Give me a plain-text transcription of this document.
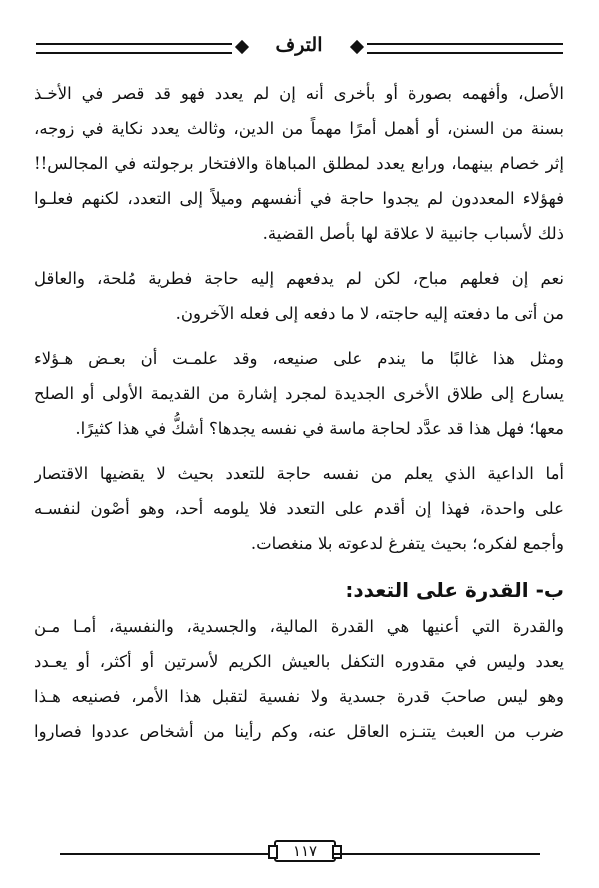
الترف
الأصل، وأفهمه بصورة أو بأخرى أنه إن لم يعدد فهو قد قصر في الأخـذ
بسنة من السنن، أو أهمل أمرًا مهماً من الدين، وثالث يعدد نكاية في زوجه،
إثر خصام بينهما، ورابع يعدد لمطلق المباهاة والافتخار برجولته في المجالس!!
فهؤلاء المعددون لم يجدوا حاجة في أنفسهم وميلاً إلى التعدد، لكنهم فعلـوا
ذلك لأسباب جانبية لا علاقة لها بأصل القضية.
نعم إن فعلهم مباح، لكن لم يدفعهم إليه حاجة فطرية مُلحة، والعاقل
من أتى ما دفعته إليه حاجته، لا ما دفعه إلى فعله الآخرون.
ومثل هذا غالبًا ما يندم على صنيعه، وقد علمـت أن بعـض هـؤلاء
يسارع إلى طلاق الأخرى الجديدة لمجرد إشارة من القديمة الأولى أو الصلح
معها؛ فهل هذا قد عدَّد لحاجة ماسة في نفسه يجدها؟ أشكُّ في هذا كثيرًا.
أما الداعية الذي يعلم من نفسه حاجة للتعدد بحيث لا يقضيها الاقتصار
على واحدة، فهذا إن أقدم على التعدد فلا يلومه أحد، وهو أصْون لنفسـه
وأجمع لفكره؛ بحيث يتفرغ لدعوته بلا منغصات.
ب- القدرة على التعدد:
والقدرة التي أعنيها هي القدرة المالية، والجسدية، والنفسية، أمـا مـن
يعدد وليس في مقدوره التكفل بالعيش الكريم لأسرتين أو أكثر، أو يعـدد
وهو ليس صاحبَ قدرة جسدية ولا نفسية لتقبل هذا الأمر، فصنيعه هـذا
ضرب من العبث يتنـزه العاقل عنه، وكم رأينا من أشخاص عددوا فصاروا
١١٧
